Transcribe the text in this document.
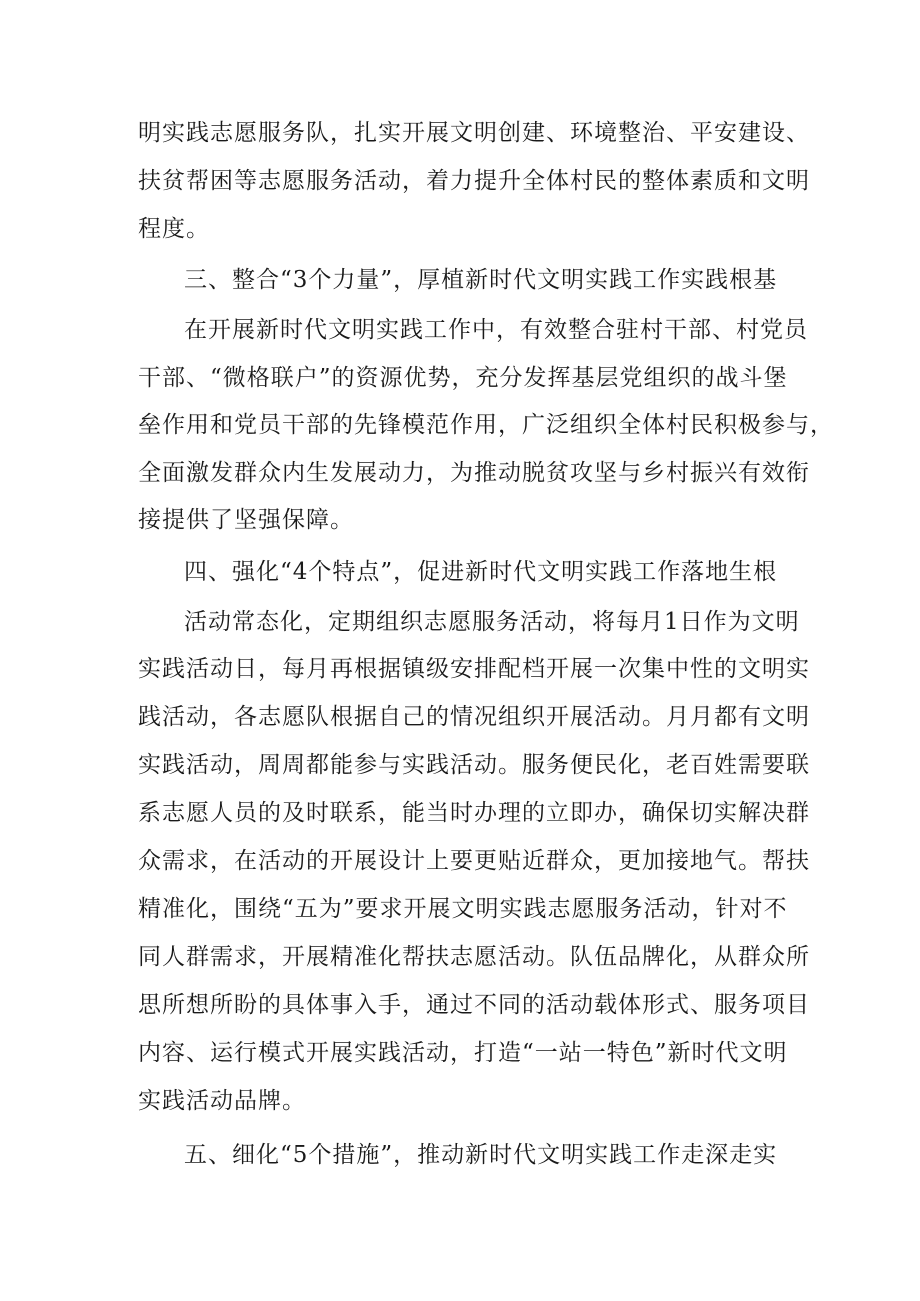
明实践志愿服务队，扎实开展文明创建、环境整治、平安建设、
扶贫帮困等志愿服务活动，着力提升全体村民的整体素质和文明
程度。
三、整合“3个力量”，厚植新时代文明实践工作实践根基
在开展新时代文明实践工作中，有效整合驻村干部、村党员
干部、“微格联户”的资源优势，充分发挥基层党组织的战斗堡
垒作用和党员干部的先锋模范作用，广泛组织全体村民积极参与，
全面激发群众内生发展动力，为推动脱贫攻坚与乡村振兴有效衔
接提供了坚强保障。
四、强化“4个特点”，促进新时代文明实践工作落地生根
活动常态化，定期组织志愿服务活动，将每月1日作为文明
实践活动日，每月再根据镇级安排配档开展一次集中性的文明实
践活动，各志愿队根据自己的情况组织开展活动。月月都有文明
实践活动，周周都能参与实践活动。服务便民化，老百姓需要联
系志愿人员的及时联系，能当时办理的立即办，确保切实解决群
众需求，在活动的开展设计上要更贴近群众，更加接地气。帮扶
精准化，围绕“五为”要求开展文明实践志愿服务活动，针对不
同人群需求，开展精准化帮扶志愿活动。队伍品牌化，从群众所
思所想所盼的具体事入手，通过不同的活动载体形式、服务项目
内容、运行模式开展实践活动，打造“一站一特色”新时代文明
实践活动品牌。
五、细化“5个措施”，推动新时代文明实践工作走深走实
